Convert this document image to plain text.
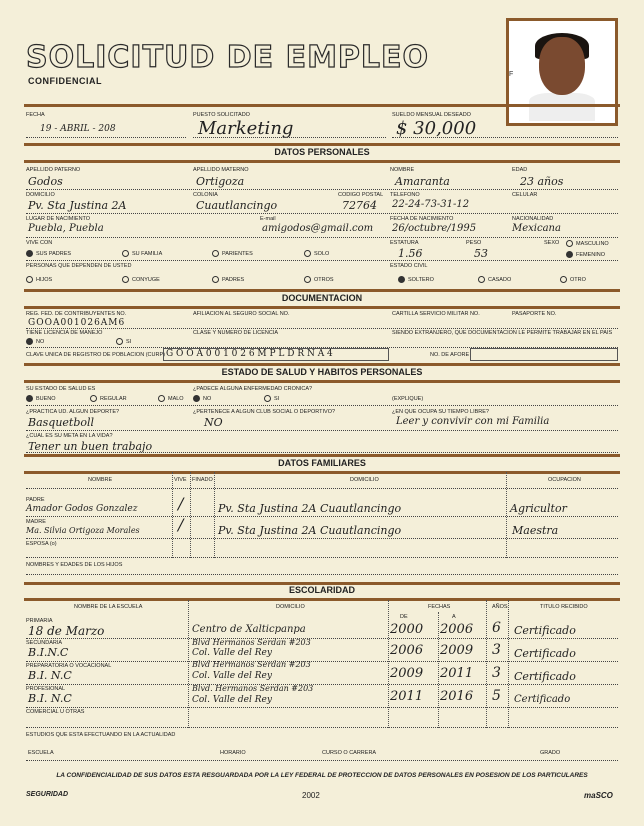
SOLICITUD DE EMPLEO
CONFIDENCIAL
F
FECHA
19 - ABRIL - 208
PUESTO SOLICITADO
Marketing
SUELDO MENSUAL DESEADO
$ 30,000
DATOS PERSONALES
APELLIDO PATERNO
Godos
APELLIDO MATERNO
Ortigoza
NOMBRE
Amaranta
EDAD
23 años
DOMICILIO
Pv. Sta Justina 2A
COLONIA
Cuautlancingo
CODIGO POSTAL
72764
TELEFONO
22-24-73-31-12
CELULAR
LUGAR DE NACIMIENTO
Puebla, Puebla
E-mail
amigodos@gmail.com
FECHA DE NACIMIENTO
26/octubre/1995
NACIONALIDAD
Mexicana
VIVE CON
SUS PADRES	SU FAMILIA	PARIENTES	SOLO
ESTATURA
1.56
PESO
53
SEXO	MASCULINO
FEMENINO
PERSONAS QUE DEPENDEN DE USTED
HIJOS	CONYUGE	PADRES	OTROS
ESTADO CIVIL
SOLTERO	CASADO	OTRO
DOCUMENTACION
REG. FED. DE CONTRIBUYENTES NO.
GOOA001026AM6
AFILIACION AL SEGURO SOCIAL NO.	CARTILLA SERVICIO MILITAR NO.	PASAPORTE NO.
TIENE LICENCIA DE MANEJO
NO	SI
CLASE Y NUMERO DE LICENCIA	SIENDO EXTRANJERO, QUE DOCUMENTACION LE PERMITE TRABAJAR EN EL PAIS
CLAVE UNICA DE REGISTRO DE POBLACION (CURP) G O O A 0 0 1 0 2 6 M P L D R N A 4	NO. DE AFORE
ESTADO DE SALUD Y HABITOS PERSONALES
SU ESTADO DE SALUD ES
BUENO	REGULAR	MALO
¿PADECE ALGUNA ENFERMEDAD CRONICA?
NO	SI	(EXPLIQUE)
¿PRACTICA UD. ALGUN DEPORTE?
Basquetboll
¿PERTENECE A ALGUN CLUB SOCIAL O DEPORTIVO?
NO
¿EN QUE OCUPA SU TIEMPO LIBRE?
Leer y convivir con mi Familia
¿CUAL ES SU META EN LA VIDA?
Tener un buen trabajo
DATOS FAMILIARES
NOMBRE	VIVE FINADO	DOMICILIO	OCUPACION
PADRE
Amador Godos Gonzalez	/	Pv. Sta Justina 2A Cuautlancingo	Agricultor
MADRE
Ma. Silvia Ortigoza Morales /	Pv. Sta Justina 2A Cuautlancingo	Maestra
ESPOSA (o)
NOMBRES Y EDADES DE LOS HIJOS
ESCOLARIDAD
NOMBRE DE LA ESCUELA	DOMICILIO	FECHAS	AÑOS	TITULO RECIBIDO
DE	A
PRIMARIA
18 de Marzo	Centro de Xalticpanpa	2000 2006 6 Certificado
SECUNDARIA
B.I.N.C
Blvd Hermanos Serdan #203
Col. Valle del Rey	2006 2009 3 Certificado
PREPARATORIA O VOCACIONAL
B.I. N.C
Blvd Hermanos Serdan #203
Col. Valle del Rey	2009 2011 3 Certificado
PROFESIONAL
B.I. N.C
Blvd. Hermanos Serdan #203
Col. Valle del Rey	2011 2016 5 Certificado
COMERCIAL U OTRAS
ESTUDIOS QUE ESTA EFECTUANDO EN LA ACTUALIDAD
ESCUELA	HORARIO	CURSO O CARRERA	GRADO
LA CONFIDENCIALIDAD DE SUS DATOS ESTA RESGUARDADA POR LA LEY FEDERAL DE PROTECCION DE DATOS PERSONALES EN POSESION DE LOS PARTICULARES
SEGURIDAD	2002	maSCO
